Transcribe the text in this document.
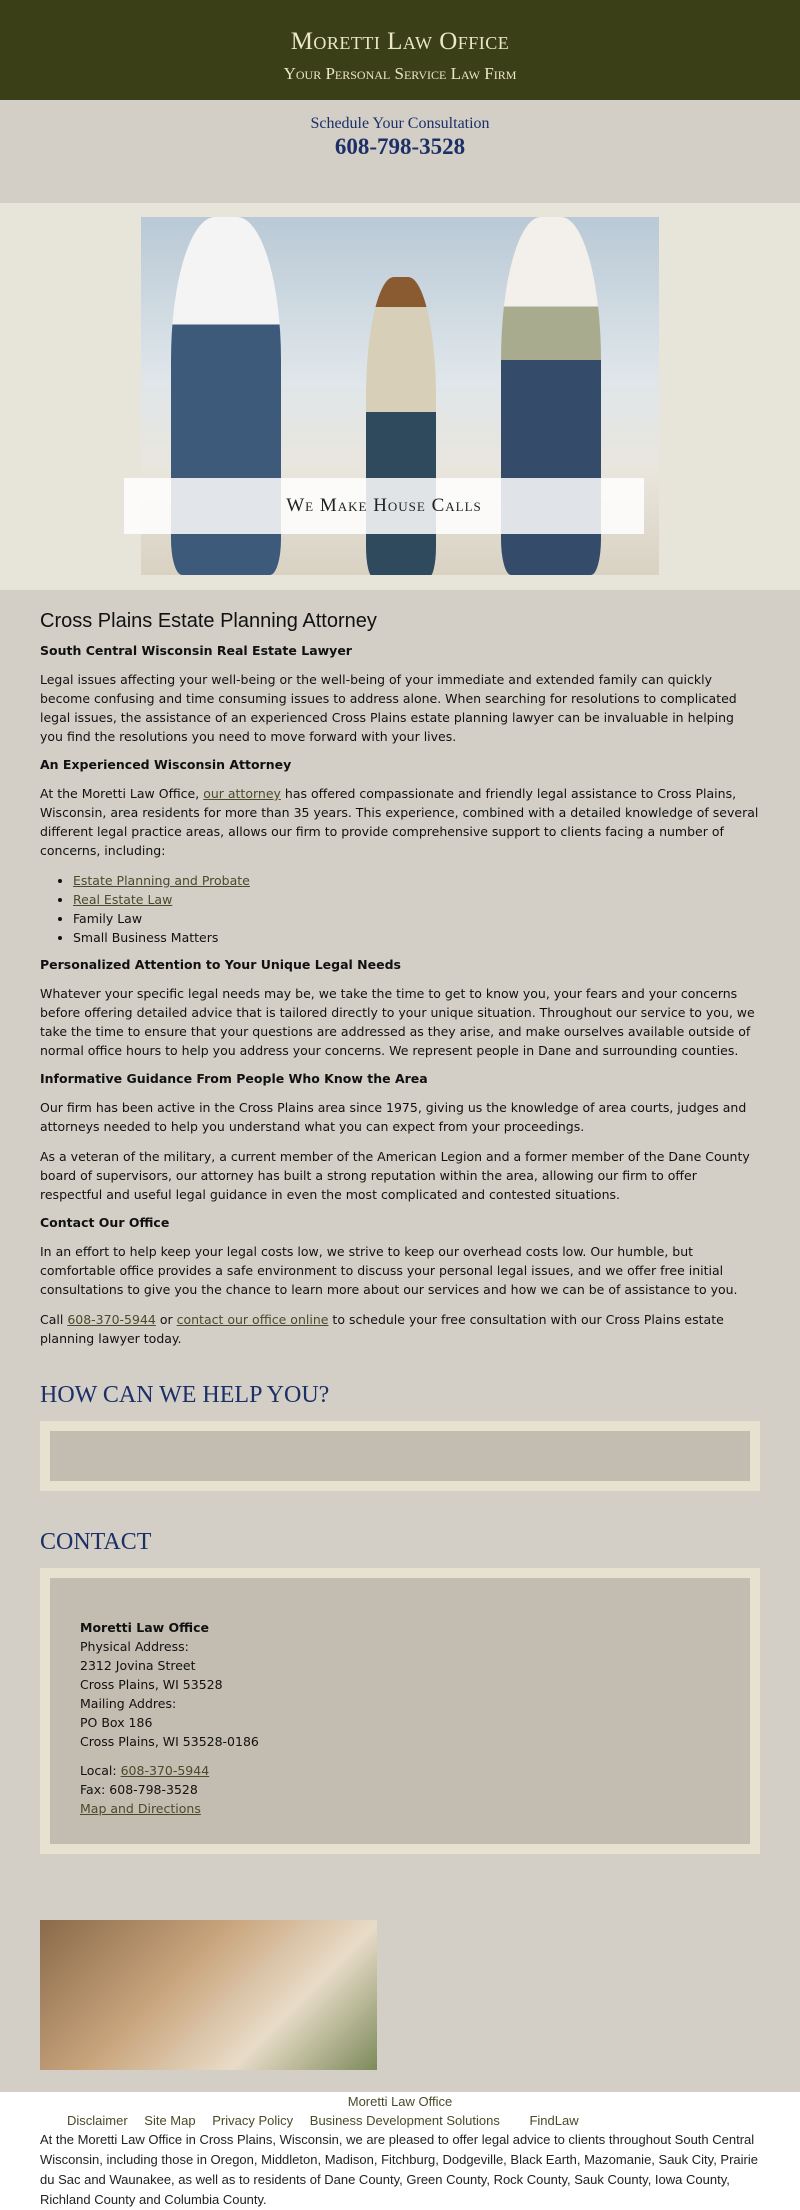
Moretti Law Office
Your Personal Service Law Firm
Schedule Your Consultation
608-798-3528
We Make House Calls
Cross Plains Estate Planning Attorney
South Central Wisconsin Real Estate Lawyer

Legal issues affecting your well-being or the well-being of your immediate and extended family can quickly become confusing and time consuming issues to address alone. When searching for resolutions to complicated legal issues, the assistance of an experienced Cross Plains estate planning lawyer can be invaluable in helping you find the resolutions you need to move forward with your lives.

An Experienced Wisconsin Attorney

At the Moretti Law Office, our attorney has offered compassionate and friendly legal assistance to Cross Plains, Wisconsin, area residents for more than 35 years. This experience, combined with a detailed knowledge of several different legal practice areas, allows our firm to provide comprehensive support to clients facing a number of concerns, including:

• Estate Planning and Probate
• Real Estate Law
• Family Law
• Small Business Matters
Personalized Attention to Your Unique Legal Needs

Whatever your specific legal needs may be, we take the time to get to know you, your fears and your concerns before offering detailed advice that is tailored directly to your unique situation. Throughout our service to you, we take the time to ensure that your questions are addressed as they arise, and make ourselves available outside of normal office hours to help you address your concerns. We represent people in Dane and surrounding counties.

Informative Guidance From People Who Know the Area

Our firm has been active in the Cross Plains area since 1975, giving us the knowledge of area courts, judges and attorneys needed to help you understand what you can expect from your proceedings.

As a veteran of the military, a current member of the American Legion and a former member of the Dane County board of supervisors, our attorney has built a strong reputation within the area, allowing our firm to offer respectful and useful legal guidance in even the most complicated and contested situations.

Contact Our Office

In an effort to help keep your legal costs low, we strive to keep our overhead costs low. Our humble, but comfortable office provides a safe environment to discuss your personal legal issues, and we offer free initial consultations to give you the chance to learn more about our services and how we can be of assistance to you.

Call 608-370-5944 or contact our office online to schedule your free consultation with our Cross Plains estate planning lawyer today.

HOW CAN WE HELP YOU?
CONTACT
Moretti Law Office
Physical Address:
2312 Jovina Street
Cross Plains, WI 53528
Mailing Addres:
PO Box 186
Cross Plains, WI 53528-0186
Local: 608-370-5944
Fax: 608-798-3528
Map and Directions
Moretti Law Office
Disclaimer Site Map Privacy Policy Business Development Solutions FindLaw

At the Moretti Law Office in Cross Plains, Wisconsin, we are pleased to offer legal advice to clients throughout South Central Wisconsin, including those in Oregon, Middleton, Madison, Fitchburg, Dodgeville, Black Earth, Mazomanie, Sauk City, Prairie du Sac and Waunakee, as well as to residents of Dane County, Green County, Rock County, Sauk County, Iowa County, Richland County and Columbia County.
